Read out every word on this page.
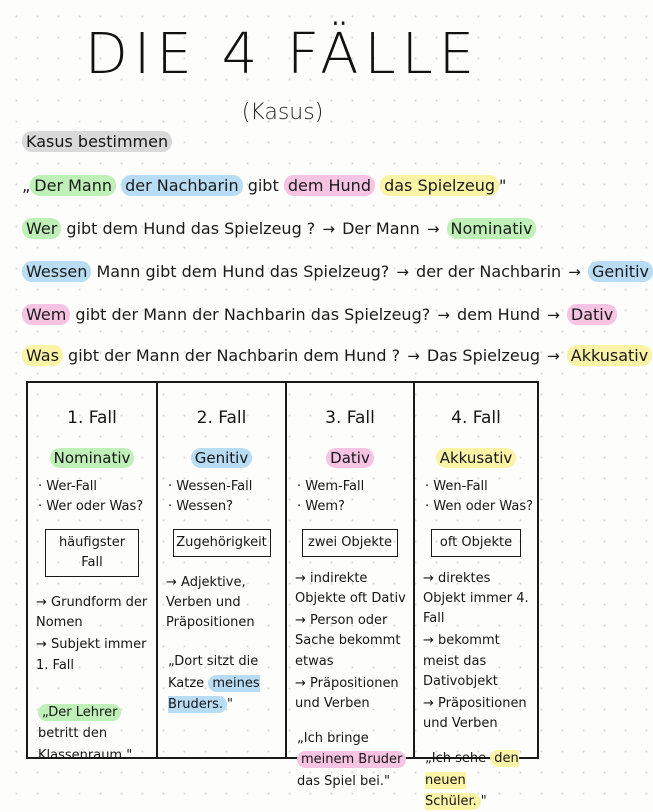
DIE 4 FÄLLE
(Kasus)
Kasus bestimmen
„ Der Mann der Nachbarin gibt dem Hund das Spielzeug "
Wer gibt dem Hund das Spielzeug ? → Der Mann → Nominativ
Wessen Mann gibt dem Hund das Spielzeug? → der der Nachbarin → Genitiv
Wem gibt der Mann der Nachbarin das Spielzeug? → dem Hund → Dativ
Was gibt der Mann der Nachbarin dem Hund ? → Das Spielzeug → Akkusativ
1. Fall
Nominativ
· Wer-Fall
· Wer oder Was?
häufigster Fall
→ Grundform der Nomen
→ Subjekt immer 1. Fall

„Der Lehrer betritt den Klassenraum."

2. Fall
Genitiv
· Wessen-Fall
· Wessen?
Zugehörigkeit
→ Adjektive, Verben und Präpositionen

„Dort sitzt die Katze meines Bruders. "

3. Fall
Dativ
· Wem-Fall
· Wem?
zwei Objekte
→ indirekte Objekte oft Dativ
→ Person oder Sache bekommt etwas
→ Präpositionen und Verben

„Ich bringe meinem Bruder das Spiel bei."

4. Fall
Akkusativ
· Wen-Fall
· Wen oder Was?
oft Objekte
→ direktes Objekt immer 4. Fall
→ bekommt meist das Dativobjekt
→ Präpositionen und Verben

„Ich sehe den neuen Schüler. "
